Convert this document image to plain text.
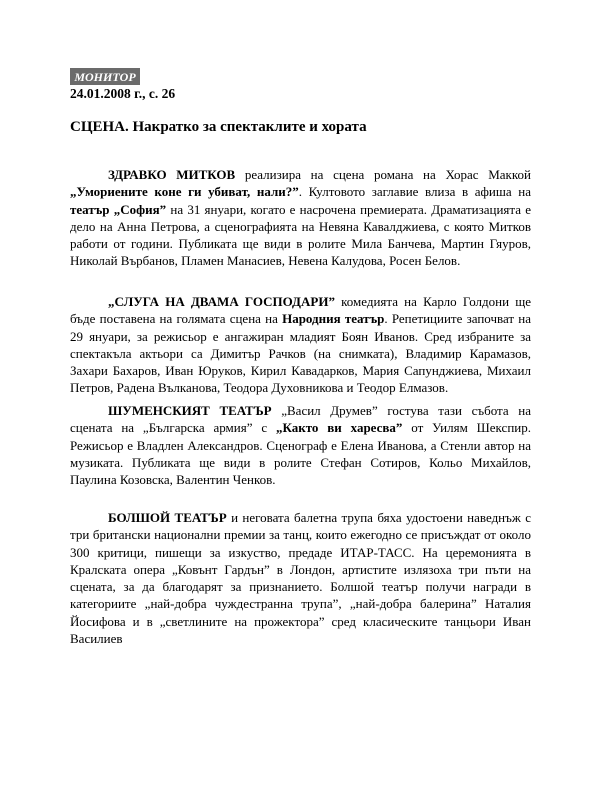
МОНИТОР
24.01.2008 г., с. 26
СЦЕНА. Накратко за спектаклите и хората

ЗДРАВКО МИТКОВ реализира на сцена романа на Хорас Маккой „Умориените коне ги убиват, нали?”. Култовото заглавие влиза в афиша на театър „София” на 31 януари, когато е насрочена премиерата. Драматизацията е дело на Анна Петрова, а сценографията на Невяна Кавалджиева, с която Митков работи от години. Публиката ще види в ролите Мила Банчева, Мартин Гяуров, Николай Върбанов, Пламен Манасиев, Невена Калудова, Росен Белов.

„СЛУГА НА ДВАМА ГОСПОДАРИ” комедията на Карло Голдони ще бъде поставена на голямата сцена на Народния театър. Репетициите започват на 29 януари, за режисьор е ангажиран младият Боян Иванов. Сред избраните за спектакъла актьори са Димитър Рачков (на снимката), Владимир Карамазов, Захари Бахаров, Иван Юруков, Кирил Кавадарков, Мария Сапунджиева, Михаил Петров, Радена Вълканова, Теодора Духовникова и Теодор Елмазов.

ШУМЕНСКИЯТ ТЕАТЪР „Васил Друмев” гостува тази събота на сцената на „Българска армия” с „Както ви харесва” от Уилям Шекспир. Режисьор е Владлен Александров. Сценограф е Елена Иванова, а Стенли автор на музиката. Публиката ще види в ролите Стефан Сотиров, Кольо Михайлов, Паулина Козовска, Валентин Ченков.

БОЛШОЙ ТЕАТЪР и неговата балетна трупа бяха удостоени наведнъж с три британски национални премии за танц, които ежегодно се присъждат от около 300 критици, пишещи за изкуство, предаде ИТАР-ТАСС. На церемонията в Кралската опера „Ковънт Гардън” в Лондон, артистите излязоха три пъти на сцената, за да благодарят за признанието. Болшой театър получи награди в категориите „най-добра чуждестранна трупа”, „най-добра балерина” Наталия Йосифова и в „светлините на прожектора” сред класическите танцьори Иван Василиев
